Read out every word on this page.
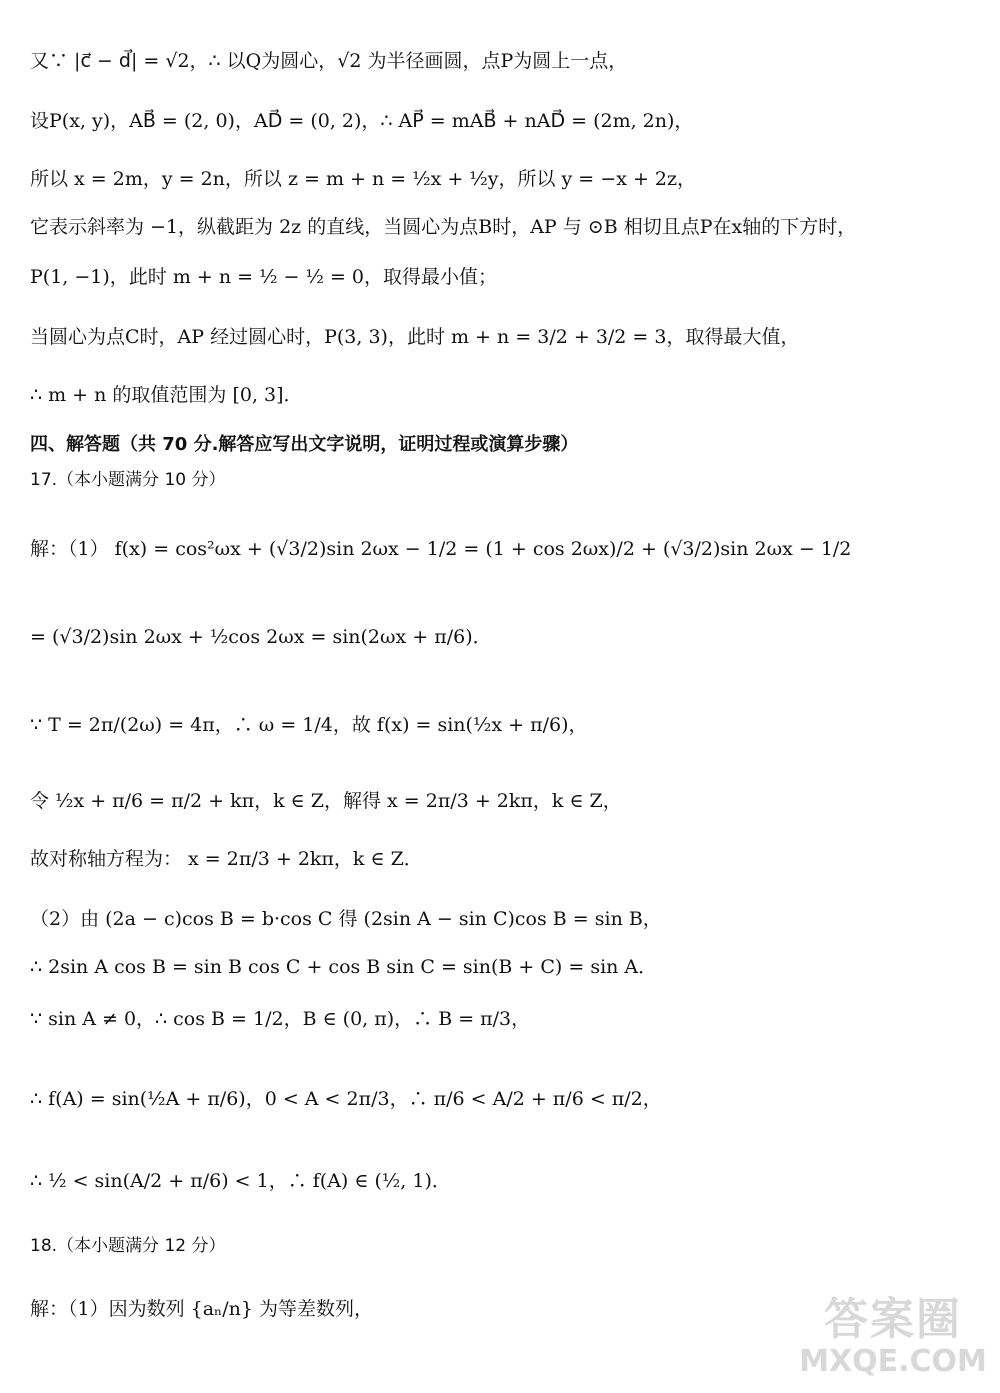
又∵ |c⃗ − d⃗| = √2，∴ 以Q为圆心，√2 为半径画圆，点P为圆上一点，
设P(x, y)，AB⃗ = (2, 0)，AD⃗ = (0, 2)，∴ AP⃗ = mAB⃗ + nAD⃗ = (2m, 2n)，
所以 x = 2m，y = 2n，所以 z = m + n = ½x + ½y，所以 y = −x + 2z，
它表示斜率为 −1，纵截距为 2z 的直线，当圆心为点B时，AP 与 ⊙B 相切且点P在x轴的下方时，
P(1, −1)，此时 m + n = ½ − ½ = 0，取得最小值；
当圆心为点C时，AP 经过圆心时，P(3, 3)，此时 m + n = 3/2 + 3/2 = 3，取得最大值，
∴ m + n 的取值范围为 [0, 3]．
四、解答题（共 70 分.解答应写出文字说明，证明过程或演算步骤）
17.（本小题满分 10 分）
解：（1） f(x) = cos²ωx + (√3/2)sin 2ωx − 1/2 = (1 + cos 2ωx)/2 + (√3/2)sin 2ωx − 1/2
= (√3/2)sin 2ωx + ½cos 2ωx = sin(2ωx + π/6)．
∵ T = 2π/(2ω) = 4π，∴ ω = 1/4，故 f(x) = sin(½x + π/6)，
令 ½x + π/6 = π/2 + kπ，k ∈ Z，解得 x = 2π/3 + 2kπ，k ∈ Z，
故对称轴方程为： x = 2π/3 + 2kπ，k ∈ Z．
（2）由 (2a − c)cos B = b·cos C 得 (2sin A − sin C)cos B = sin B，
∴ 2sin A cos B = sin B cos C + cos B sin C = sin(B + C) = sin A．
∵ sin A ≠ 0，∴ cos B = 1/2，B ∈ (0, π)，∴ B = π/3，
∴ f(A) = sin(½A + π/6)，0 < A < 2π/3，∴ π/6 < A/2 + π/6 < π/2，
∴ ½ < sin(A/2 + π/6) < 1，∴ f(A) ∈ (½, 1)．
18.（本小题满分 12 分）
解：（1）因为数列 {aₙ/n} 为等差数列，	答案圈
MXQE.COM
